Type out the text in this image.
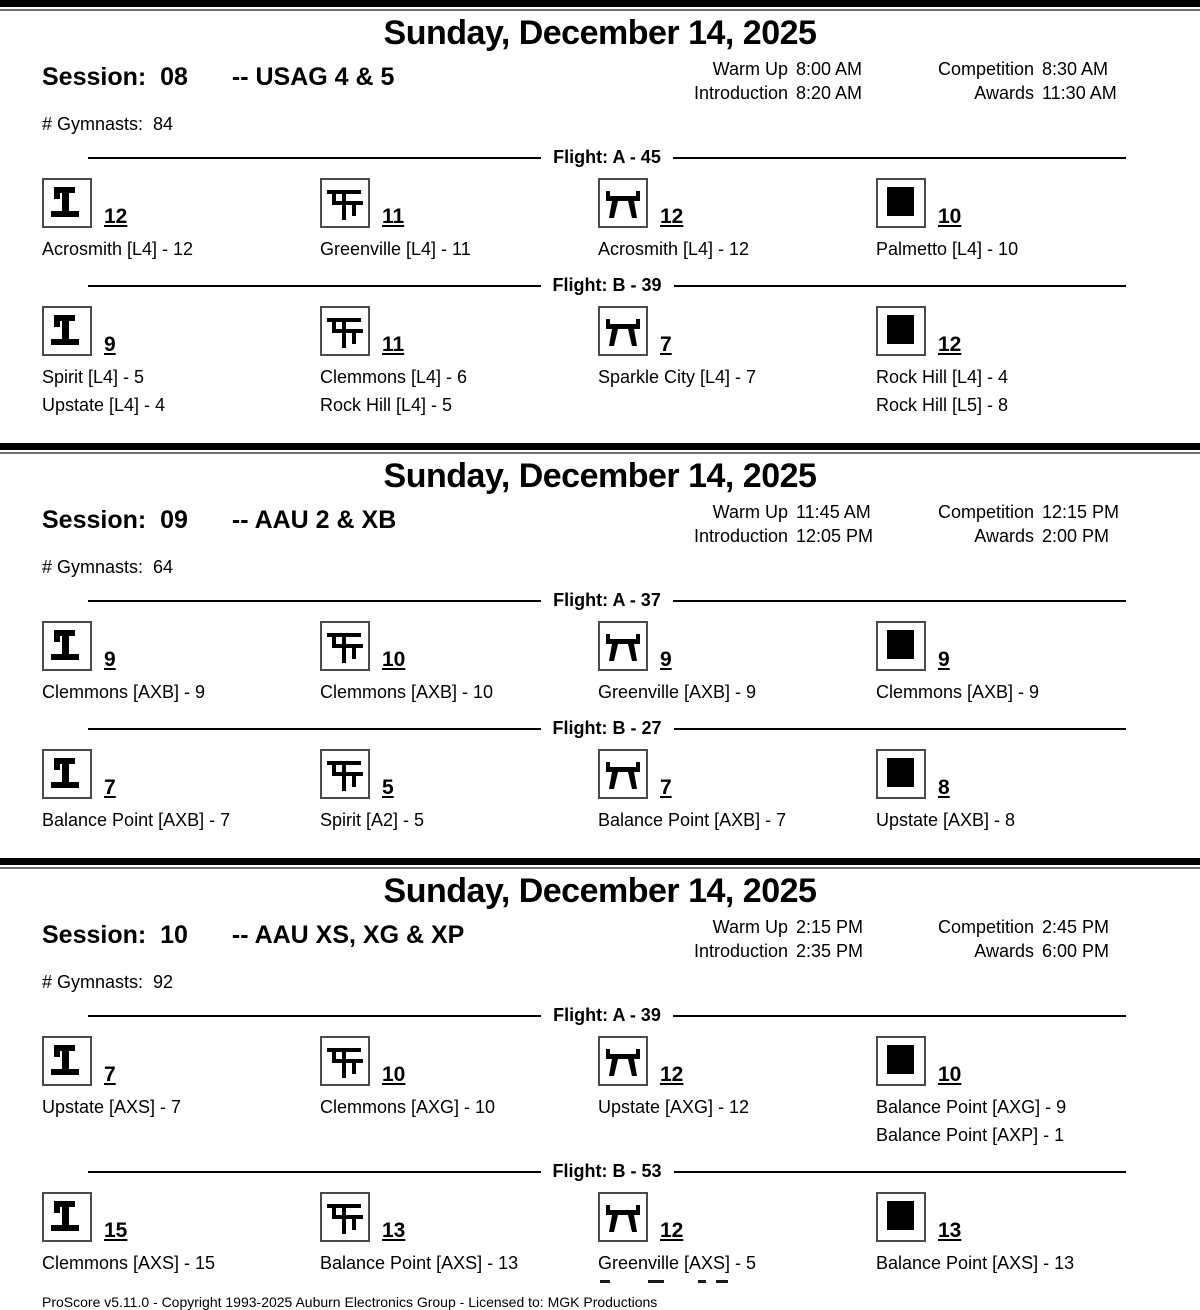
Sunday, December 14, 2025
Session:  08 -- USAG 4 & 5	Warm Up 8:00 AM	Competition 8:30 AM
Introduction 8:20 AM	Awards 11:30 AM
# Gymnasts:  84
Flight: A - 45
12
Acrosmith [L4] - 12
11
Greenville [L4] - 11
12
Acrosmith [L4] - 12
10
Palmetto [L4] - 10
Flight: B - 39
9
Spirit [L4] - 5
Upstate [L4] - 4
11
Clemmons [L4] - 6
Rock Hill [L4] - 5
7
Sparkle City [L4] - 7
12
Rock Hill [L4] - 4
Rock Hill [L5] - 8
Sunday, December 14, 2025
Session:  09 -- AAU 2 & XB	Warm Up 11:45 AM	Competition 12:15 PM
Introduction 12:05 PM	Awards 2:00 PM
# Gymnasts:  64
Flight: A - 37
9
Clemmons [AXB] - 9
10
Clemmons [AXB] - 10
9
Greenville [AXB] - 9
9
Clemmons [AXB] - 9
Flight: B - 27
7
Balance Point [AXB] - 7
5
Spirit [A2] - 5
7
Balance Point [AXB] - 7
8
Upstate [AXB] - 8
Sunday, December 14, 2025
Session:  10 -- AAU XS, XG & XP	Warm Up 2:15 PM	Competition 2:45 PM
Introduction 2:35 PM	Awards 6:00 PM
# Gymnasts:  92
Flight: A - 39
7
Upstate [AXS] - 7
10
Clemmons [AXG] - 10
12
Upstate [AXG] - 12
10
Balance Point [AXG] - 9
Balance Point [AXP] - 1
Flight: B - 53
15
Clemmons [AXS] - 15
13
Balance Point [AXS] - 13
12
Greenville [AXS] - 5
13
Balance Point [AXS] - 13
ProScore v5.11.0 - Copyright 1993-2025 Auburn Electronics Group - Licensed to: MGK Productions
